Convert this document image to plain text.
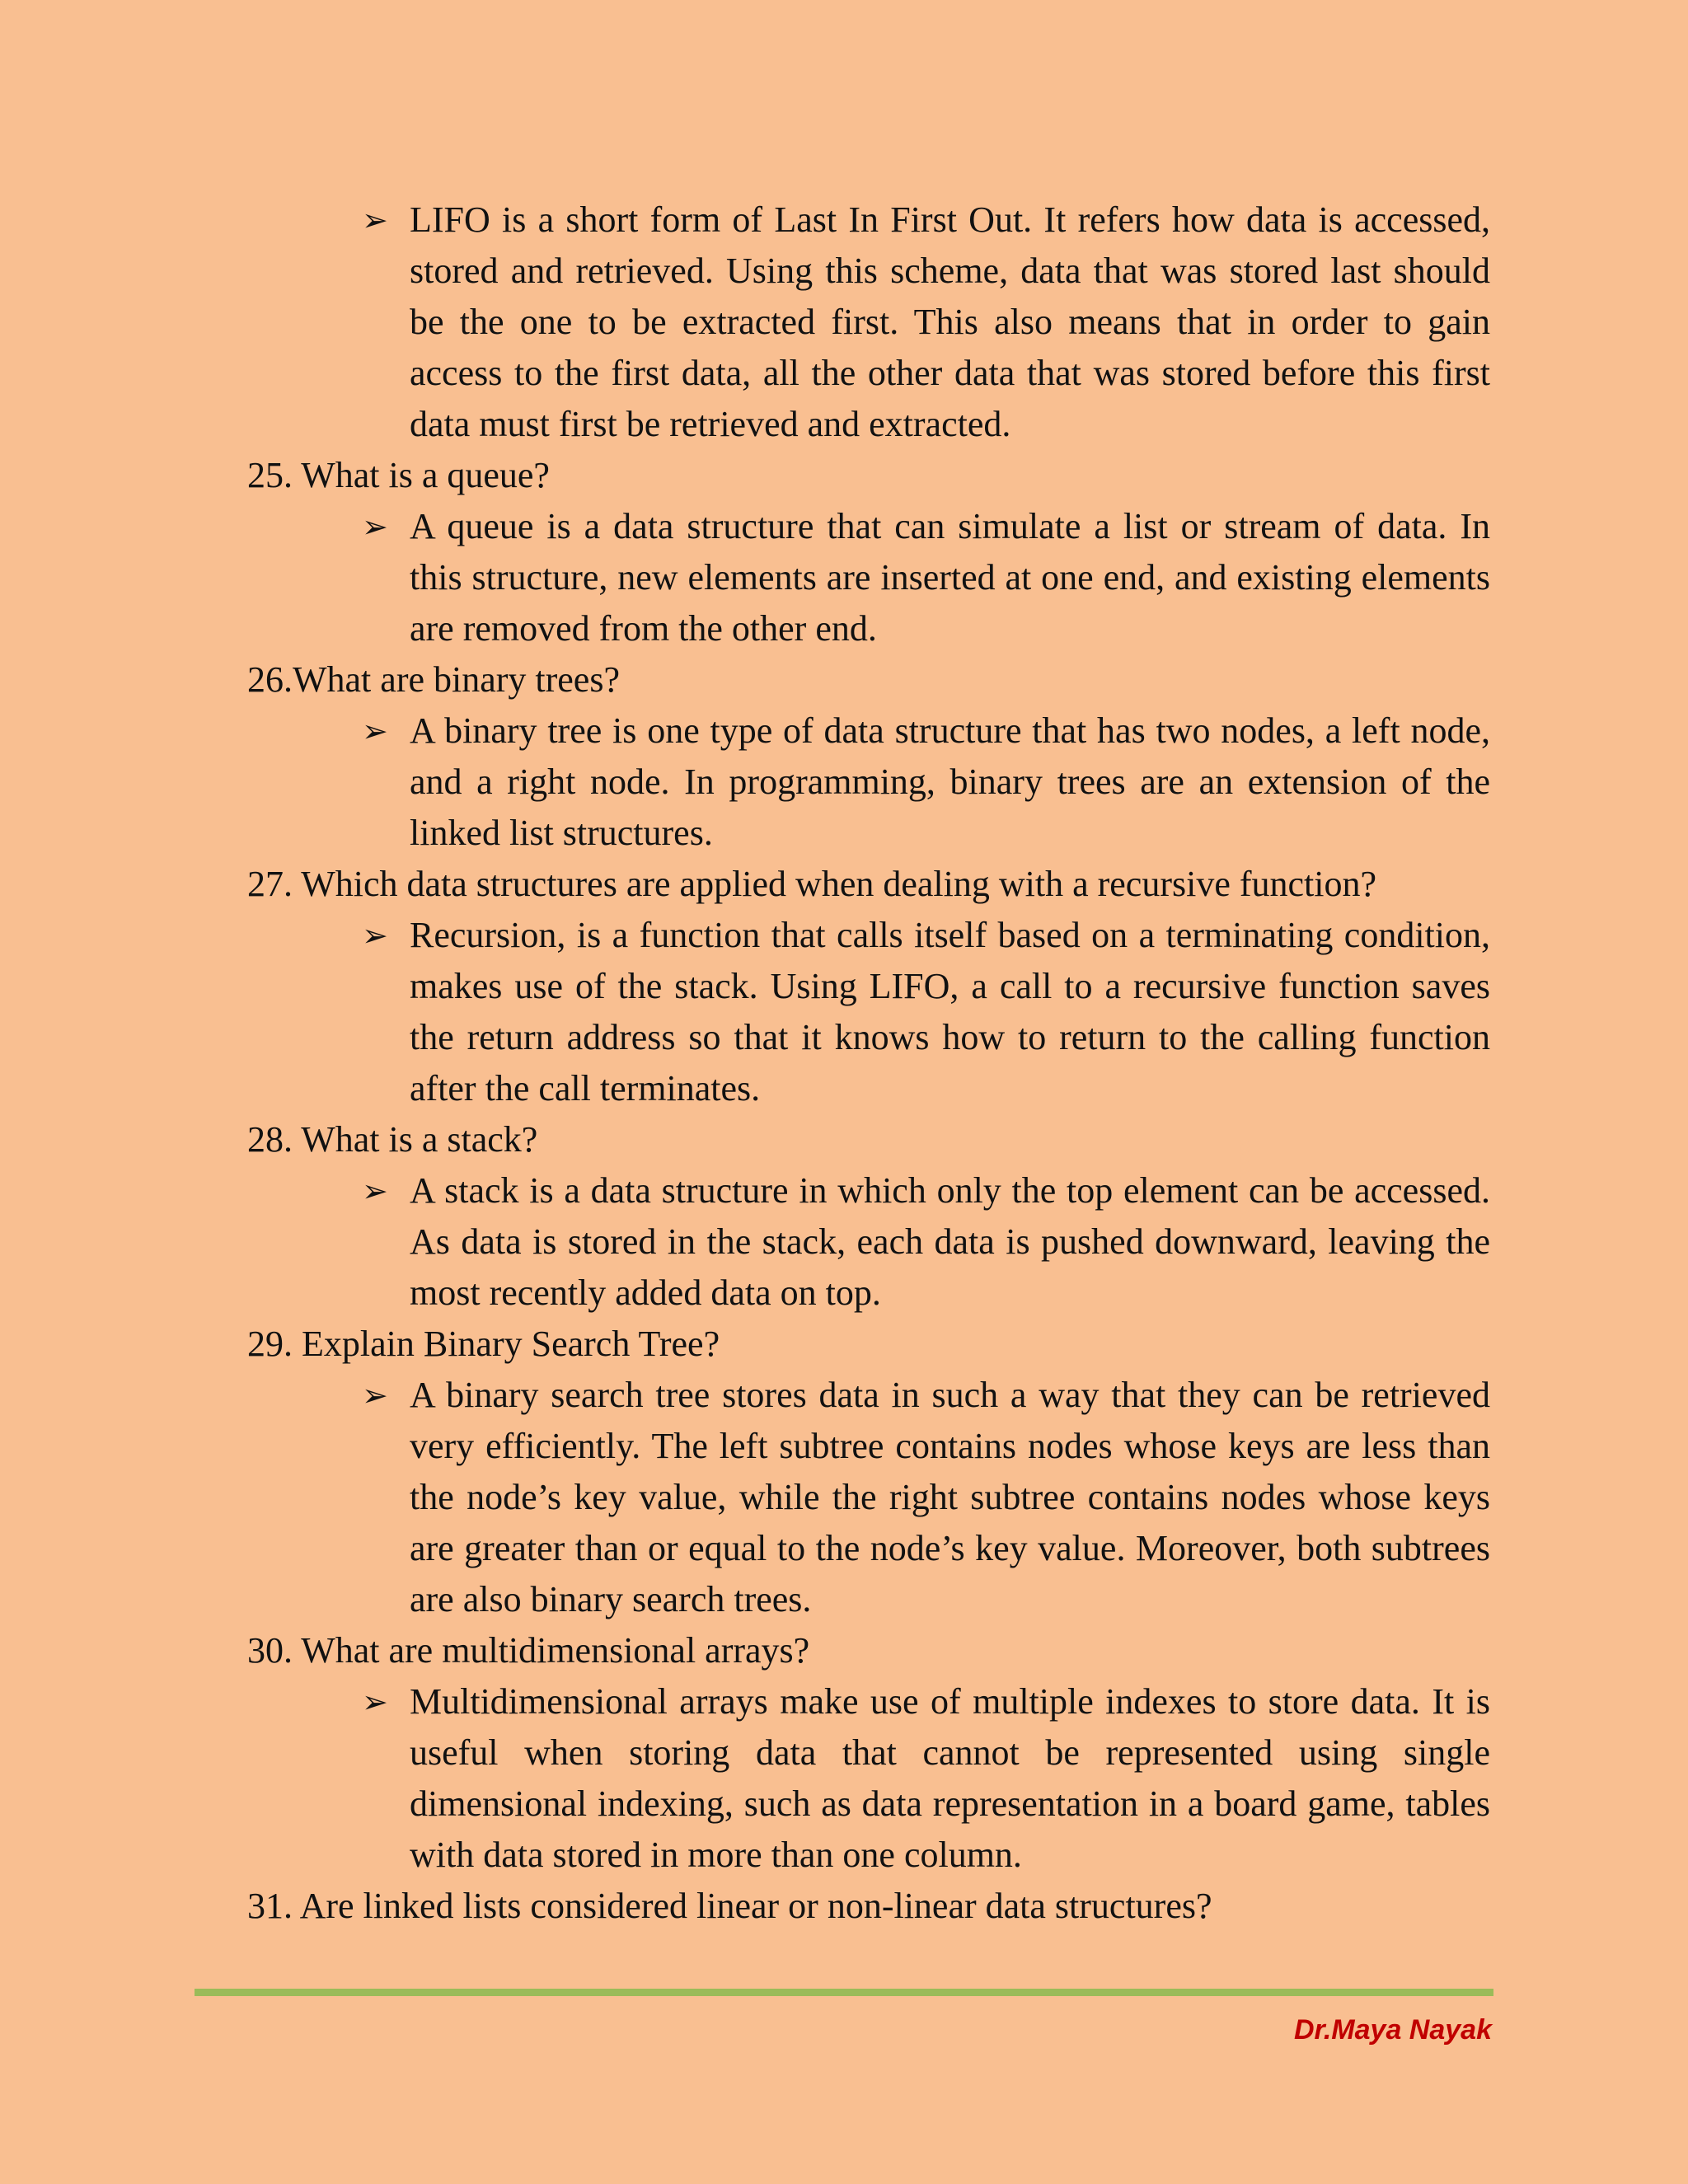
➢ LIFO is a short form of Last In First Out. It refers how data is accessed, stored and retrieved. Using this scheme, data that was stored last should be the one to be extracted first. This also means that in order to gain access to the first data, all the other data that was stored before this first data must first be retrieved and extracted.
25. What is a queue?
➢ A queue is a data structure that can simulate a list or stream of data. In this structure, new elements are inserted at one end, and existing elements are removed from the other end.
26.What are binary trees?
➢ A binary tree is one type of data structure that has two nodes, a left node, and a right node. In programming, binary trees are an extension of the linked list structures.
27. Which data structures are applied when dealing with a recursive function?
➢ Recursion, is a function that calls itself based on a terminating condition, makes use of the stack. Using LIFO, a call to a recursive function saves the return address so that it knows how to return to the calling function after the call terminates.
28. What is a stack?
➢ A stack is a data structure in which only the top element can be accessed. As data is stored in the stack, each data is pushed downward, leaving the most recently added data on top.
29. Explain Binary Search Tree?
➢ A binary search tree stores data in such a way that they can be retrieved very efficiently. The left subtree contains nodes whose keys are less than the node’s key value, while the right subtree contains nodes whose keys are greater than or equal to the node’s key value. Moreover, both subtrees are also binary search trees.
30. What are multidimensional arrays?
➢ Multidimensional arrays make use of multiple indexes to store data. It is useful when storing data that cannot be represented using single dimensional indexing, such as data representation in a board game, tables with data stored in more than one column.
31. Are linked lists considered linear or non-linear data structures?
Dr.Maya Nayak
